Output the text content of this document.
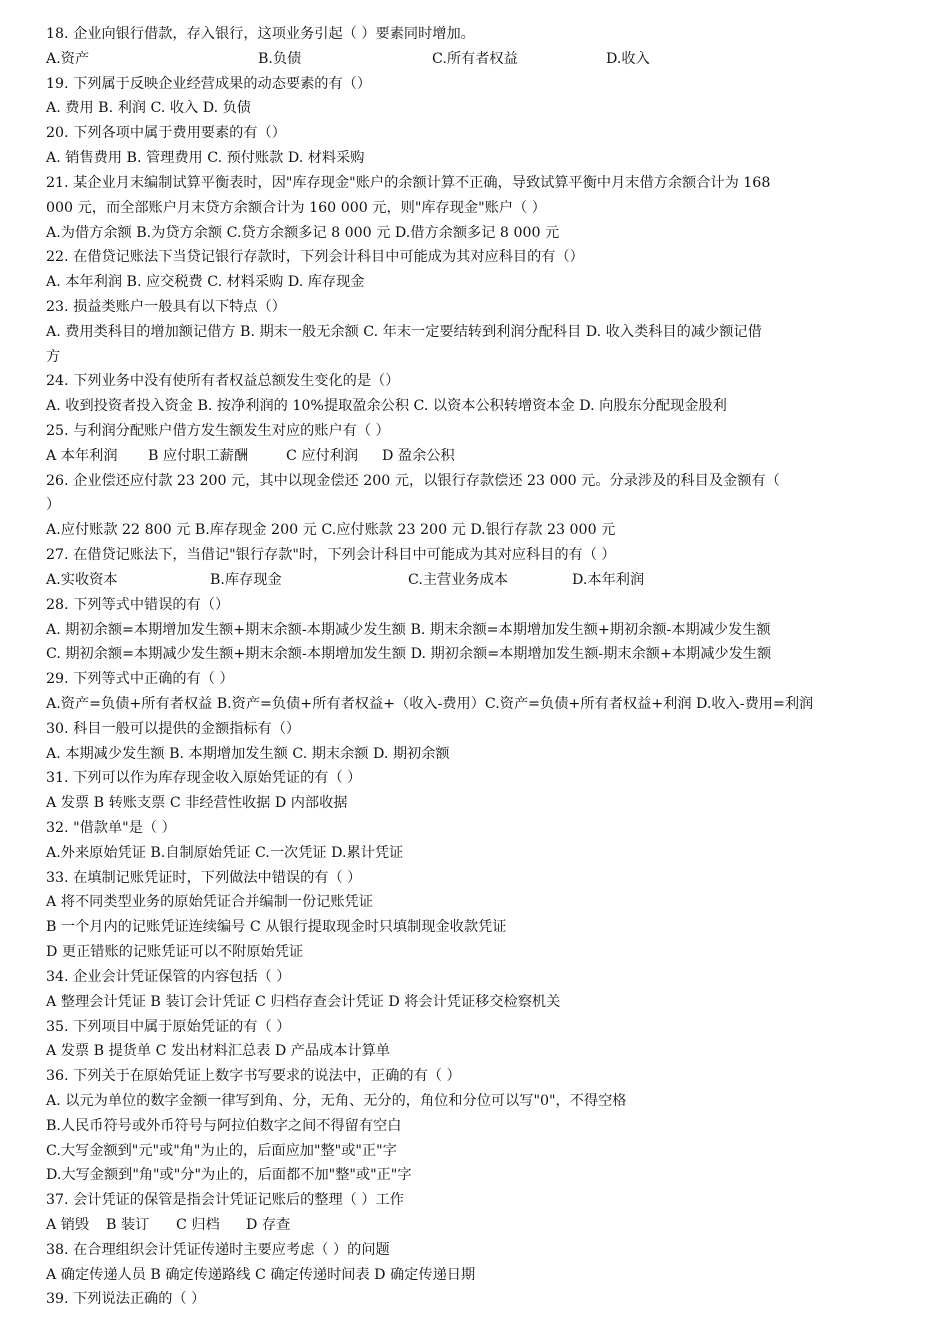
18. 企业向银行借款，存入银行，这项业务引起（ ）要素同时增加。
A.资产	B.负债	C.所有者权益	D.收入
19. 下列属于反映企业经营成果的动态要素的有（）
A. 费用 B. 利润 C. 收入 D. 负债
20. 下列各项中属于费用要素的有（）
A. 销售费用 B. 管理费用 C. 预付账款 D. 材料采购
21. 某企业月末编制试算平衡表时，因"库存现金"账户的余额计算不正确，导致试算平衡中月末借方余额合计为 168
000 元，而全部账户月末贷方余额合计为 160 000 元，则"库存现金"账户（ ）
A.为借方余额 B.为贷方余额 C.贷方余额多记 8 000 元 D.借方余额多记 8 000 元
22. 在借贷记账法下当贷记银行存款时，下列会计科目中可能成为其对应科目的有（）
A. 本年利润 B. 应交税费 C. 材料采购 D. 库存现金
23. 损益类账户一般具有以下特点（）
A. 费用类科目的增加额记借方 B. 期末一般无余额 C. 年末一定要结转到利润分配科目 D. 收入类科目的减少额记借
方
24. 下列业务中没有使所有者权益总额发生变化的是（）
A. 收到投资者投入资金 B. 按净利润的 10%提取盈余公积 C. 以资本公积转增资本金 D. 向股东分配现金股利
25. 与利润分配账户借方发生额发生对应的账户有（ ）
A 本年利润 B 应付职工薪酬	C 应付利润 D 盈余公积
26. 企业偿还应付款 23 200 元，其中以现金偿还 200 元，以银行存款偿还 23 000 元。分录涉及的科目及金额有（
）
A.应付账款 22 800 元 B.库存现金 200 元 C.应付账款 23 200 元 D.银行存款 23 000 元
27. 在借贷记账法下，当借记"银行存款"时，下列会计科目中可能成为其对应科目的有（ ）
A.实收资本	B.库存现金	C.主营业务成本	D.本年利润
28. 下列等式中错误的有（）
A. 期初余额=本期增加发生额+期末余额-本期减少发生额 B. 期末余额=本期增加发生额+期初余额-本期减少发生额
C. 期初余额=本期减少发生额+期末余额-本期增加发生额 D. 期初余额=本期增加发生额-期末余额+本期减少发生额
29. 下列等式中正确的有（ ）
A.资产=负债+所有者权益 B.资产=负债+所有者权益+（收入-费用）C.资产=负债+所有者权益+利润 D.收入-费用=利润
30. 科目一般可以提供的金额指标有（）
A. 本期减少发生额 B. 本期增加发生额 C. 期末余额 D. 期初余额
31. 下列可以作为库存现金收入原始凭证的有（ ）
A 发票 B 转账支票 C 非经营性收据 D 内部收据
32. "借款单"是（ ）
A.外来原始凭证 B.自制原始凭证 C.一次凭证 D.累计凭证
33. 在填制记账凭证时，下列做法中错误的有（ ）
A 将不同类型业务的原始凭证合并编制一份记账凭证
B 一个月内的记账凭证连续编号 C 从银行提取现金时只填制现金收款凭证
D 更正错账的记账凭证可以不附原始凭证
34. 企业会计凭证保管的内容包括（ ）
A 整理会计凭证 B 装订会计凭证 C 归档存查会计凭证 D 将会计凭证移交检察机关
35. 下列项目中属于原始凭证的有（ ）
A 发票 B 提货单 C 发出材料汇总表 D 产品成本计算单
36. 下列关于在原始凭证上数字书写要求的说法中，正确的有（ ）
A. 以元为单位的数字金额一律写到角、分，无角、无分的，角位和分位可以写"0"，不得空格
B.人民币符号或外币符号与阿拉伯数字之间不得留有空白
C.大写金额到"元"或"角"为止的，后面应加"整"或"正"字
D.大写金额到"角"或"分"为止的，后面都不加"整"或"正"字
37. 会计凭证的保管是指会计凭证记账后的整理（ ）工作
A 销毁 B 装订 C 归档 D 存查
38. 在合理组织会计凭证传递时主要应考虑（ ）的问题
A 确定传递人员 B 确定传递路线 C 确定传递时间表 D 确定传递日期
39. 下列说法正确的（ ）
